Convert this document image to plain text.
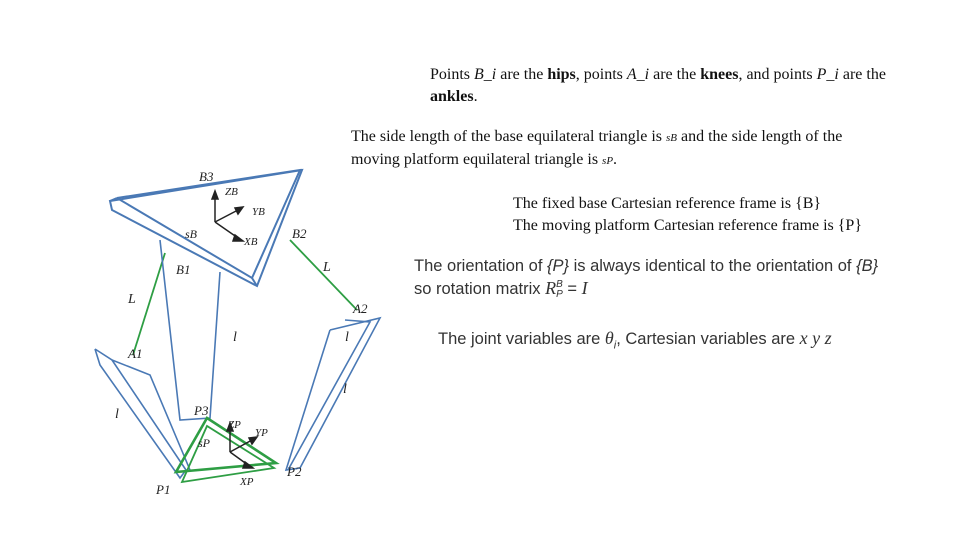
B3
B2
B1
A1
A2
P3
P2
P1
ZB
YB
XB
sB
ZP
YP
XP
sP
L
L
l
l
l
l
Points B_i are the hips, points A_i are the knees, and points P_i are the ankles.
The side length of the base equilateral triangle is sB and the side length of the moving platform equilateral triangle is sP.
The fixed base Cartesian reference frame is {B}
The moving platform Cartesian reference frame is {P}
The orientation of {P} is always identical to the orientation of {B} so rotation matrix R B
P = I
The joint variables are $\theta_i$, Cartesian variables are x y z
